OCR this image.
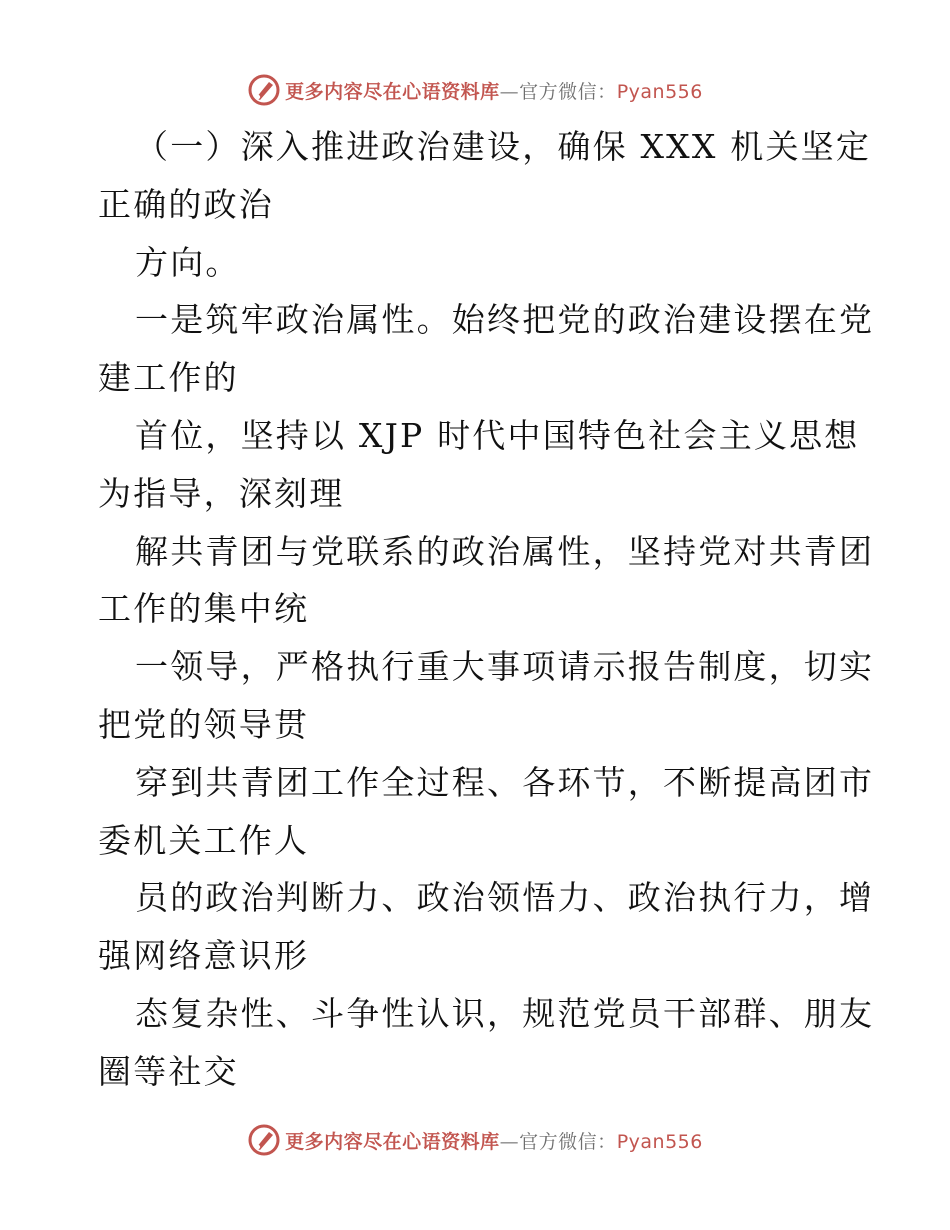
更多内容尽在心语资料库—官方微信：Pyan556
（一）深入推进政治建设，确保 XXX 机关坚定
正确的政治
方向。
一是筑牢政治属性。始终把党的政治建设摆在党
建工作的
首位，坚持以 XJP 时代中国特色社会主义思想
为指导，深刻理
解共青团与党联系的政治属性，坚持党对共青团
工作的集中统
一领导，严格执行重大事项请示报告制度，切实
把党的领导贯
穿到共青团工作全过程、各环节，不断提高团市
委机关工作人
员的政治判断力、政治领悟力、政治执行力，增
强网络意识形
态复杂性、斗争性认识，规范党员干部群、朋友
圈等社交
更多内容尽在心语资料库—官方微信：Pyan556
